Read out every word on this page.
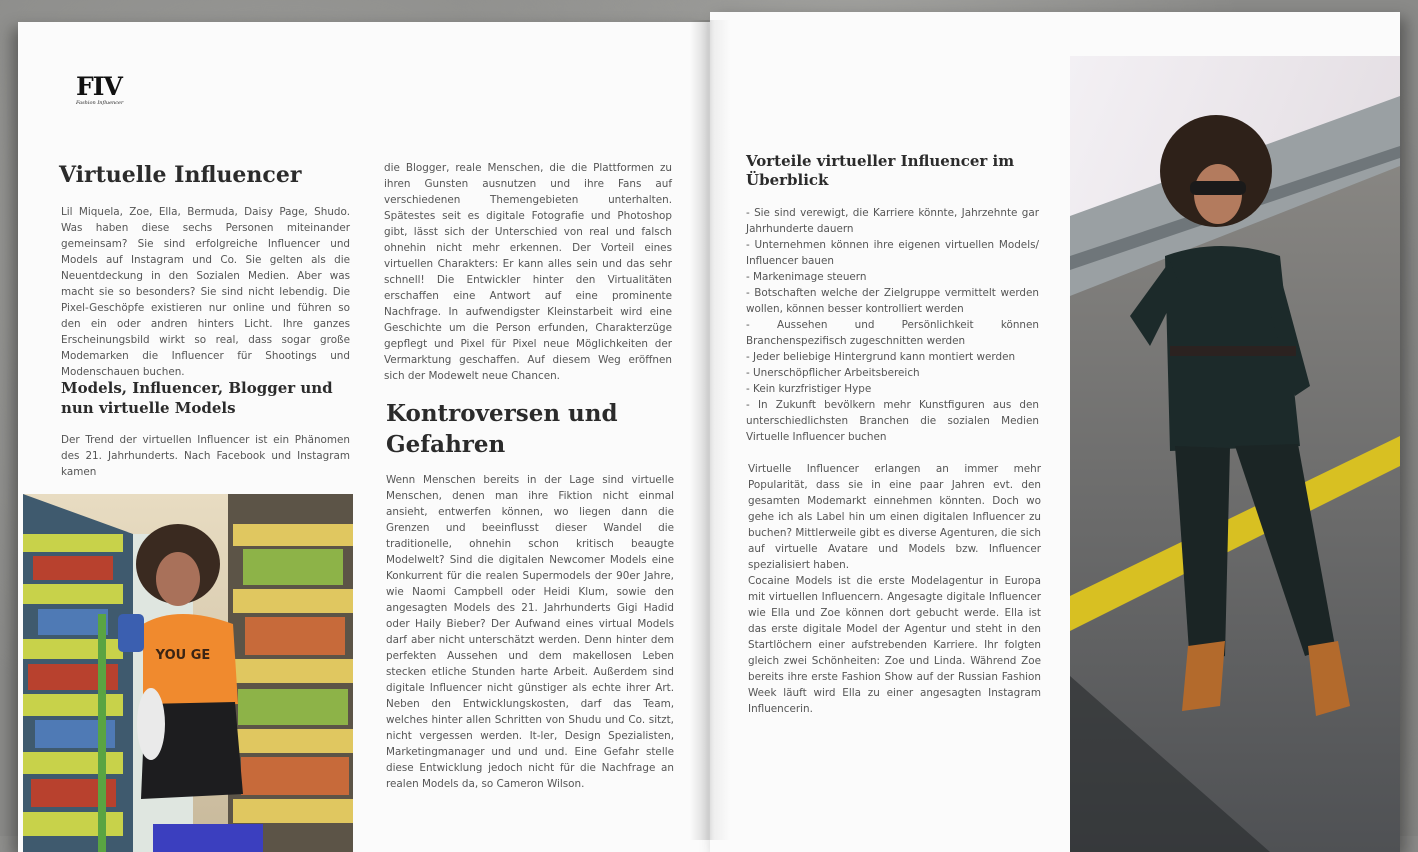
FIV
Fashion Influencer
Virtuelle Influencer

Lil Miquela, Zoe, Ella, Bermuda, Daisy Page, Shudo. Was haben diese sechs Personen miteinander gemeinsam? Sie sind erfolgreiche Influencer und Models auf Instagram und Co. Sie gelten als die Neuentdeckung in den Sozialen Medien. Aber was macht sie so besonders? Sie sind nicht lebendig. Die Pixel-Geschöpfe existieren nur online und führen so den ein oder andren hinters Licht. Ihre ganzes Erscheinungsbild wirkt so real, dass sogar große Modemarken die Influencer für Shootings und Modenschauen buchen.

Models, Influencer, Blogger und nun virtuelle Models

Der Trend der virtuellen Influencer ist ein Phänomen des 21. Jahrhunderts. Nach Facebook und Instagram kamen

YOU GE

die Blogger, reale Menschen, die die Plattformen zu ihren Gunsten ausnutzen und ihre Fans auf verschiedenen Themengebieten unterhalten. Spätestes seit es digitale Fotografie und Photoshop gibt, lässt sich der Unterschied von real und falsch ohnehin nicht mehr erkennen. Der Vorteil eines virtuellen Charakters: Er kann alles sein und das sehr schnell! Die Entwickler hinter den Virtualitäten erschaffen eine Antwort auf eine prominente Nachfrage. In aufwendigster Kleinstarbeit wird eine Geschichte um die Person erfunden, Charakterzüge gepflegt und Pixel für Pixel neue Möglichkeiten der Vermarktung geschaffen. Auf diesem Weg eröffnen sich der Modewelt neue Chancen.

Kontroversen und Gefahren

Wenn Menschen bereits in der Lage sind virtuelle Menschen, denen man ihre Fiktion nicht einmal ansieht, entwerfen können, wo liegen dann die Grenzen und beeinflusst dieser Wandel die traditionelle, ohnehin schon kritisch beaugte Modelwelt? Sind die digitalen Newcomer Models eine Konkurrent für die realen Supermodels der 90er Jahre, wie Naomi Campbell oder Heidi Klum, sowie den angesagten Models des 21. Jahrhunderts Gigi Hadid oder Haily Bieber? Der Aufwand eines virtual Models darf aber nicht unterschätzt werden. Denn hinter dem perfekten Aussehen und dem makellosen Leben stecken etliche Stunden harte Arbeit. Außerdem sind digitale Influencer nicht günstiger als echte ihrer Art. Neben den Entwicklungskosten, darf das Team, welches hinter allen Schritten von Shudu und Co. sitzt, nicht vergessen werden. It-ler, Design Spezialisten, Marketingmanager und und und. Eine Gefahr stelle diese Entwicklung jedoch nicht für die Nachfrage an realen Models da, so Cameron Wilson.

Vorteile virtueller Influencer im Überblick
- Sie sind verewigt, die Karriere könnte, Jahrzehnte gar Jahrhunderte dauern
- Unternehmen können ihre eigenen virtuellen Models/ Influencer bauen
- Markenimage steuern
- Botschaften welche der Zielgruppe vermittelt werden wollen, können besser kontrolliert werden
- Aussehen und Persönlichkeit können Branchenspezifisch zugeschnitten werden
- Jeder beliebige Hintergrund kann montiert werden
- Unerschöpflicher Arbeitsbereich
- Kein kurzfristiger Hype
- In Zukunft bevölkern mehr Kunstfiguren aus den unterschiedlichsten Branchen die sozialen Medien Virtuelle Influencer buchen

Virtuelle Influencer erlangen an immer mehr Popularität, dass sie in eine paar Jahren evt. den gesamten Modemarkt einnehmen könnten. Doch wo gehe ich als Label hin um einen digitalen Influencer zu buchen? Mittlerweile gibt es diverse Agenturen, die sich auf virtuelle Avatare und Models bzw. Influencer spezialisiert haben.

Cocaine Models ist die erste Modelagentur in Europa mit virtuellen Influencern. Angesagte digitale Influencer wie Ella und Zoe können dort gebucht werde. Ella ist das erste digitale Model der Agentur und steht in den Startlöchern einer aufstrebenden Karriere. Ihr folgten gleich zwei Schönheiten: Zoe und Linda. Während Zoe bereits ihre erste Fashion Show auf der Russian Fashion Week läuft wird Ella zu einer angesagten Instagram Influencerin.
